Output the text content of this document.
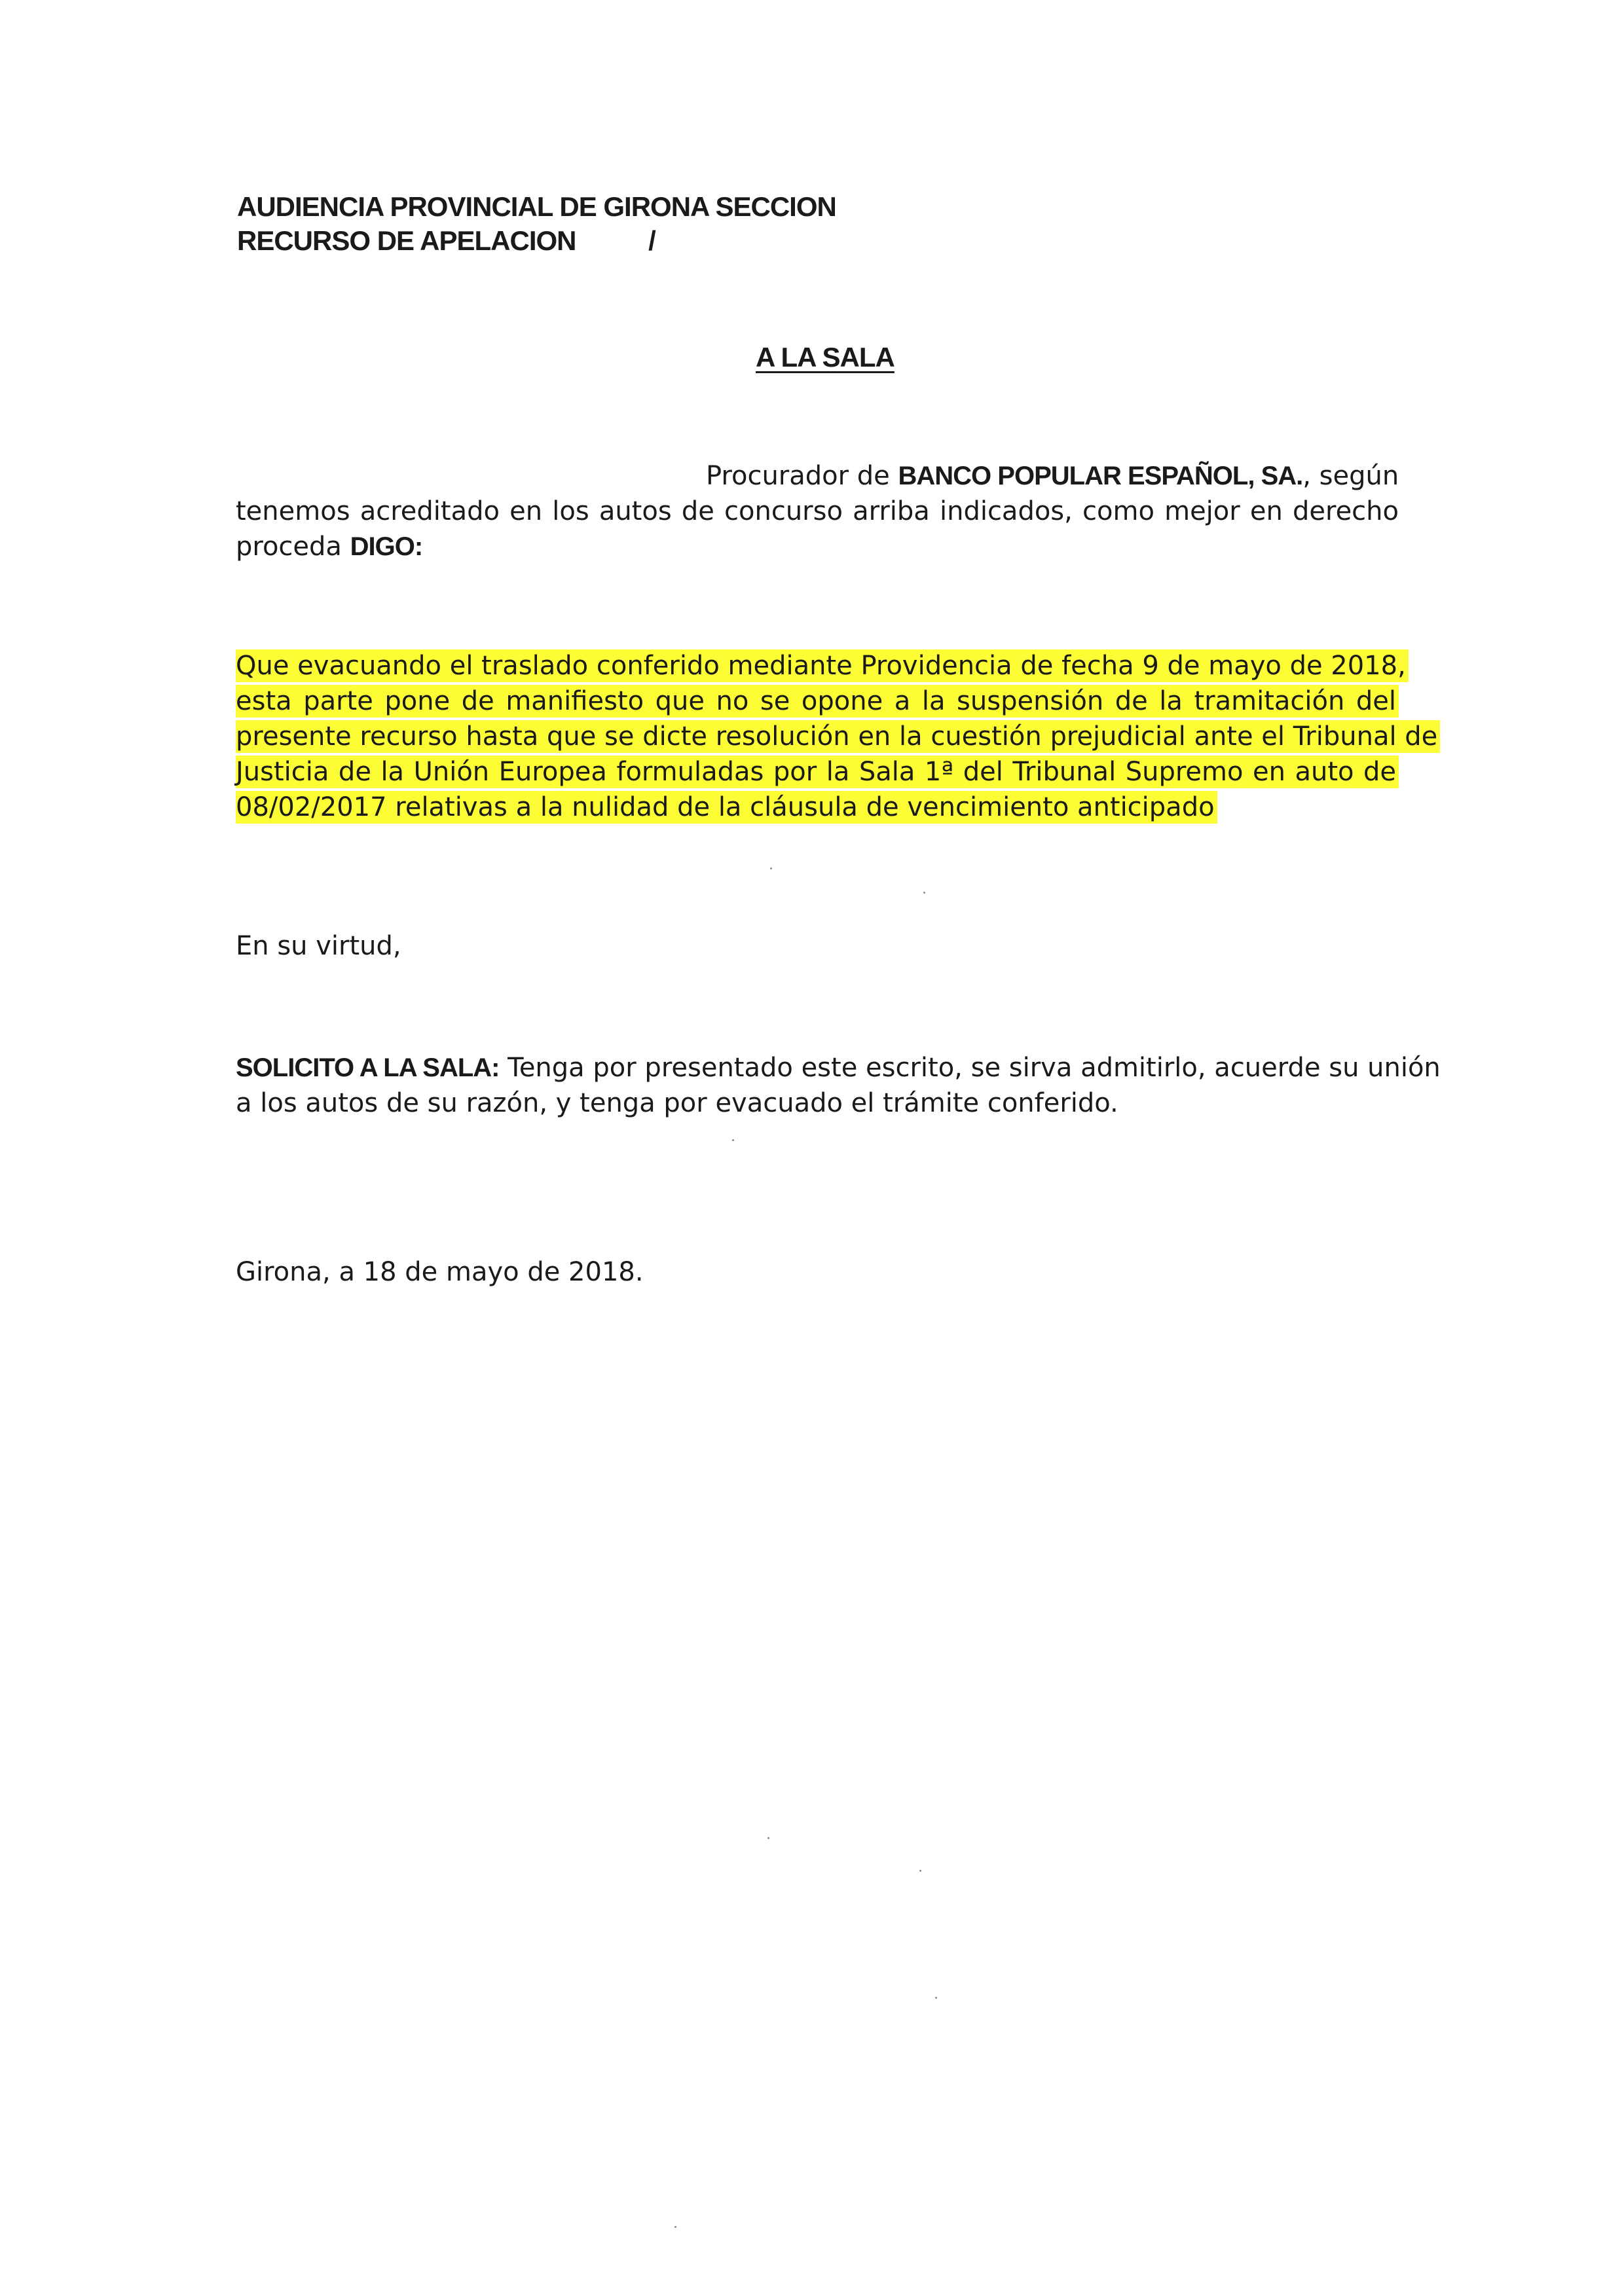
AUDIENCIA PROVINCIAL DE GIRONA SECCION
RECURSO DE APELACION	/
A LA SALA
Procurador de BANCO POPULAR ESPAÑOL, SA., según
tenemos acreditado en los autos de concurso arriba indicados, como mejor en derecho
proceda DIGO:
Que evacuando el traslado conferido mediante Providencia de fecha 9 de mayo de 2018,
esta parte pone de manifiesto que no se opone a la suspensión de la tramitación del
presente recurso hasta que se dicte resolución en la cuestión prejudicial ante el Tribunal de
Justicia de la Unión Europea formuladas por la Sala 1ª del Tribunal Supremo en auto de
08/02/2017 relativas a la nulidad de la cláusula de vencimiento anticipado
En su virtud,
SOLICITO A LA SALA: Tenga por presentado este escrito, se sirva admitirlo, acuerde su unión
a los autos de su razón, y tenga por evacuado el trámite conferido.
Girona, a 18 de mayo de 2018.
